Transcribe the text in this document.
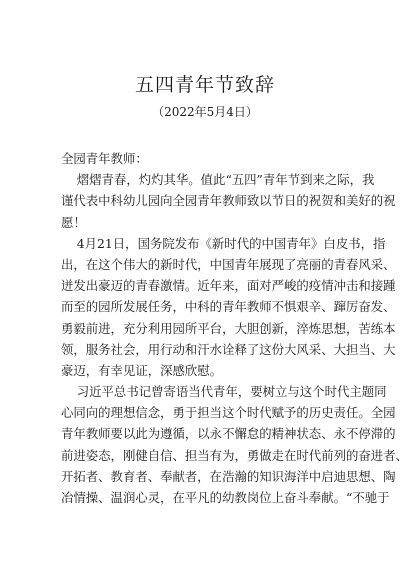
五四青年节致辞
（2022年5月4日）
全园青年教师：
熠熠青春，灼灼其华。值此“五四”青年节到来之际，我
谨代表中科幼儿园向全园青年教师致以节日的祝贺和美好的祝
愿！
4月21日，国务院发布《新时代的中国青年》白皮书，指
出，在这个伟大的新时代，中国青年展现了亮丽的青春风采、
迸发出豪迈的青春激情。近年来，面对严峻的疫情冲击和接踵
而至的园所发展任务，中科的青年教师不惧艰辛、蹿厉奋发、
勇毅前进，充分利用园所平台，大胆创新，淬炼思想，苦练本
领，服务社会，用行动和汗水诠释了这份大风采、大担当、大
豪迈，有幸见证，深感欣慰。
习近平总书记曾寄语当代青年，要树立与这个时代主题同
心同向的理想信念，勇于担当这个时代赋予的历史责任。全园
青年教师要以此为遵循，以永不懈怠的精神状态、永不停滞的
前进姿态，刚健自信、担当有为，勇做走在时代前列的奋进者、
开拓者、教育者、奉献者，在浩瀚的知识海洋中启迪思想、陶
冶情操、温润心灵，在平凡的幼教岗位上奋斗奉献。“不驰于
